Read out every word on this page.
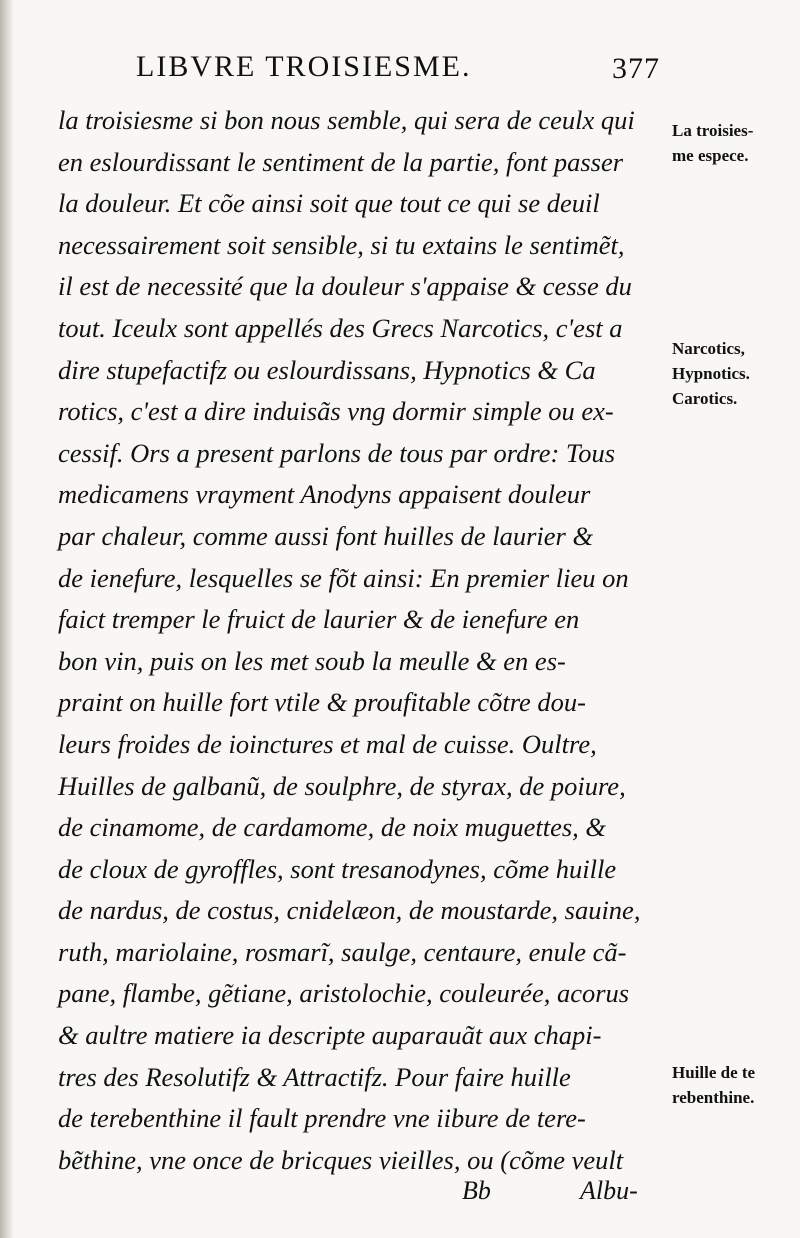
LIBVRE TROISIESME.	377
la troisiesme si bon nous semble, qui sera de ceulx qui
en eslourdissant le sentiment de la partie, font passer
la douleur. Et cõe ainsi soit que tout ce qui se deuil
necessairement soit sensible, si tu extains le sentimẽt,
il est de necessité que la douleur s'appaise & cesse du
tout. Iceulx sont appellés des Grecs Narcotics, c'est a
dire stupefactifz ou eslourdissans, Hypnotics & Ca
rotics, c'est a dire induisãs vng dormir simple ou ex-
cessif. Ors a present parlons de tous par ordre: Tous
medicamens vrayment Anodyns appaisent douleur
par chaleur, comme aussi font huilles de laurier &
de ienefure, lesquelles se fõt ainsi: En premier lieu on
faict tremper le fruict de laurier & de ienefure en
bon vin, puis on les met soub la meulle & en es-
praint on huille fort vtile & proufitable cõtre dou-
leurs froides de ioinctures et mal de cuisse. Oultre,
Huilles de galbanũ, de soulphre, de styrax, de poiure,
de cinamome, de cardamome, de noix muguettes, &
de cloux de gyroffles, sont tresanodynes, cõme huille
de nardus, de costus, cnidelæon, de moustarde, sauine,
ruth, mariolaine, rosmarĩ, saulge, centaure, enule cã-
pane, flambe, gẽtiane, aristolochie, couleurée, acorus
& aultre matiere ia descripte auparauãt aux chapi-
tres des Resolutifz & Attractifz. Pour faire huille
de terebenthine il fault prendre vne iibure de tere-
bẽthine, vne once de bricques vieilles, ou (cõme veult
La troisies-
me espece.
Narcotics,
Hypnotics.
Carotics.
Huille de te
rebenthine.
Bb	Albu-
